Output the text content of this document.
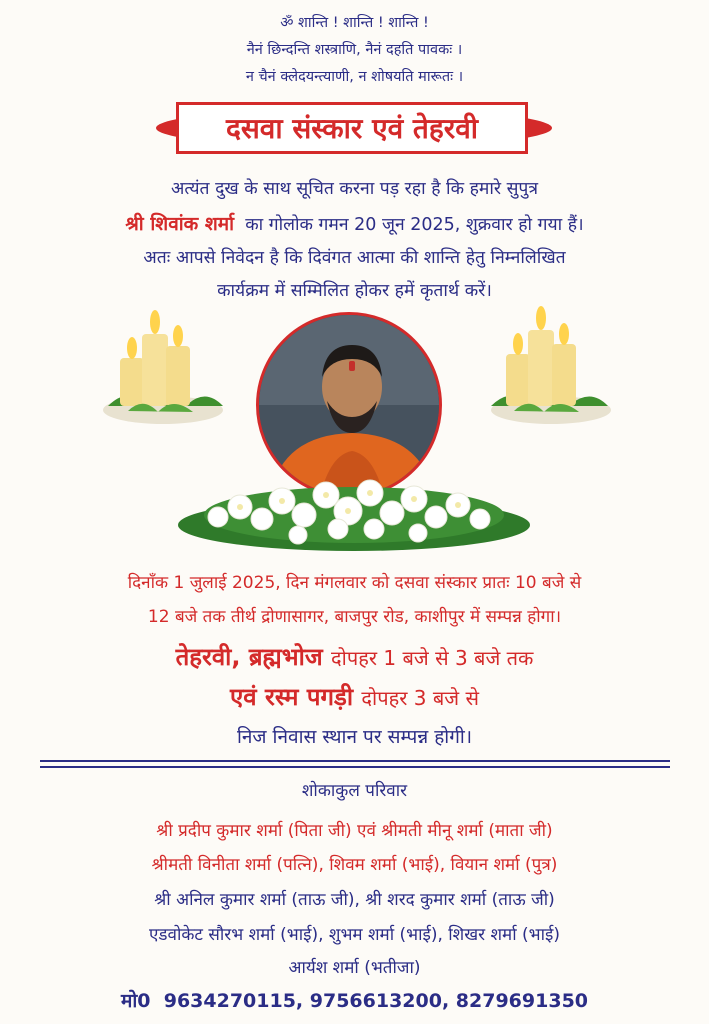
ॐ शान्ति ! शान्ति ! शान्ति !
नैनं छिन्दन्ति शस्त्राणि, नैनं दहति पावकः ।
न चैनं क्लेदयन्त्याणी, न शोषयति मारूतः ।
दसवा संस्कार एवं तेहरवी
अत्यंत दुख के साथ सूचित करना पड़ रहा है कि हमारे सुपुत्र
श्री शिवांक शर्मा का गोलोक गमन 20 जून 2025, शुक्रवार हो गया हैं।
अतः आपसे निवेदन है कि दिवंगत आत्मा की शान्ति हेतु निम्नलिखित
कार्यक्रम में सम्मिलित होकर हमें कृतार्थ करें।
दिनाँक 1 जुलाई 2025, दिन मंगलवार को दसवा संस्कार प्रातः 10 बजे से
12 बजे तक तीर्थ द्रोणासागर, बाजपुर रोड, काशीपुर में सम्पन्न होगा।
तेहरवी, ब्रह्मभोज दोपहर 1 बजे से 3 बजे तक
एवं रस्म पगड़ी दोपहर 3 बजे से
निज निवास स्थान पर सम्पन्न होगी।
शोकाकुल परिवार
श्री प्रदीप कुमार शर्मा (पिता जी) एवं श्रीमती मीनू शर्मा (माता जी)
श्रीमती विनीता शर्मा (पत्नि), शिवम शर्मा (भाई), वियान शर्मा (पुत्र)
श्री अनिल कुमार शर्मा (ताऊ जी), श्री शरद कुमार शर्मा (ताऊ जी)
एडवोकेट सौरभ शर्मा (भाई), शुभम शर्मा (भाई), शिखर शर्मा (भाई)
आर्यश शर्मा (भतीजा)
मो0 9634270115, 9756613200, 8279691350
